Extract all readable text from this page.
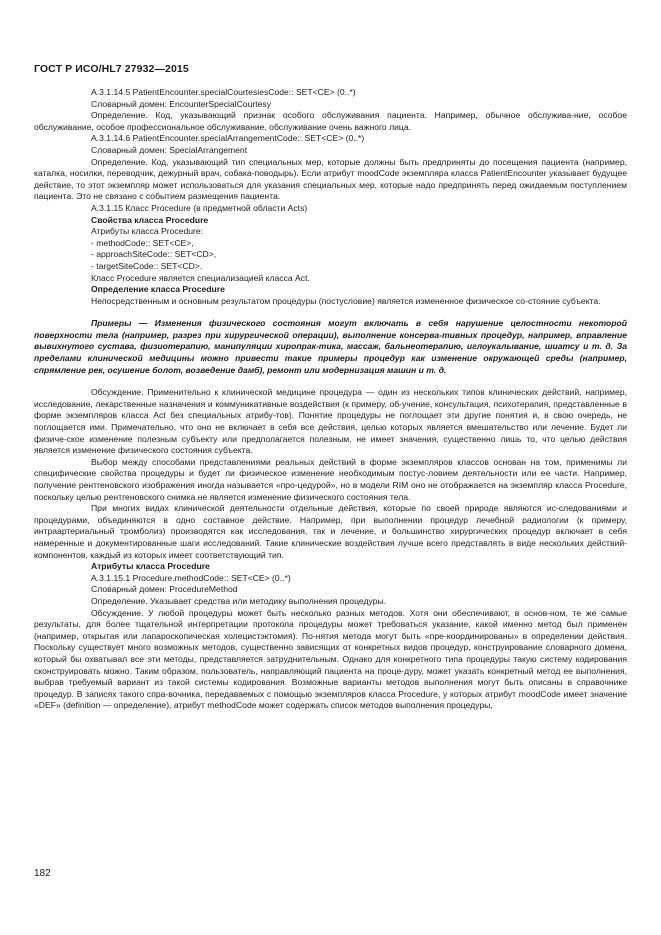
ГОСТ Р ИСО/HL7 27932—2015

A.3.1.14.5 PatientEncounter.specialCourtesiesCode:: SET<CE> (0..*)

Словарный домен: EncounterSpecialCourtesy

Определение. Код, указывающий признак особого обслуживания пациента. Например, обычное обслужива-ние, особое обслуживание, особое профессиональное обслуживание, обслуживание очень важного лица.

A.3.1.14.6 PatientEncounter.specialArrangementCode:: SET<CE> (0..*)

Словарный домен: SpecialArrangement

Определение. Код, указывающий тип специальных мер, которые должны быть предприняты до посещения пациента (например, каталка, носилки, переводчик, дежурный врач, собака-поводырь). Если атрибут moodCode экземпляра класса PatientEncounter указывает будущее действие, то этот экземпляр может использоваться для указания специальных мер, которые надо предпринять перед ожидаемым поступлением пациента. Это не связано с событием размещения пациента.

A.3.1.15 Класс Procedure (в предметной области Acts)

Свойства класса Procedure

Атрибуты класса Procedure:

- methodCode:: SET<CE>,

- approachSiteCode:: SET<CD>,

- targetSiteCode:: SET<CD>.

Класс Procedure является специализацией класса Act.

Определение класса Procedure

Непосредственным и основным результатом процедуры (постусловие) является измененное физическое со-стояние субъекта.

Примеры — Изменения физического состояния могут включать в себя нарушение целостности некоторой поверхности тела (например, разрез при хирургической операции), выполнение консерва-тивных процедур, например, вправление вывихнутого сустава, физиотерапию, манипуляции хиропрак-тика, массаж, бальнеотерапию, иглоукалывание, шиатсу и т. д. За пределами клинической медицины можно привести такие примеры процедур как изменение окружающей среды (например, спрямление рек, осушение болот, возведение дамб), ремонт или модернизация машин и т. д.

Обсуждение. Применительно к клинической медицине процедура — один из нескольких типов клинических действий, например, исследование, лекарственные назначения и коммуникативные воздействия (к примеру, об-учение, консультация, психотерапия, представленные в форме экземпляров класса Act без специальных атрибу-тов). Понятие процедуры не поглощает эти другие понятия и, в свою очередь, не поглощается ими. Примечательно, что оно не включает в себя все действия, целью которых является вмешательство или лечение. Будет ли физиче-ское изменение полезным субъекту или предполагается полезным, не имеет значения, существенно лишь то, что целью действия является изменение физического состояния субъекта.

Выбор между способами представлениями реальных действий в форме экземпляров классов основан на том, применимы ли специфические свойства процедуры и будет ли физическое изменение необходимым постус-ловием деятельности или ее части. Например, получение рентгеновского изображения иногда называется «про-цедурой», но в модели RIM оно не отображается на экземпляр класса Procedure, поскольку целью рентгеновского снимка не является изменение физического состояния тела.

При многих видах клинической деятельности отдельные действия, которые по своей природе являются ис-следованиями и процедурами, объединяются в одно составное действие. Например, при выполнении процедур лечебной радиологии (к примеру, интраартериальный тромболиз) производятся как исследования, так и лечение, и большинство хирургических процедур включает в себя намеренные и документированные шаги исследований. Такие клинические воздействия лучше всего представлять в виде нескольких действий-компонентов, каждый из которых имеет соответствующий тип.

Атрибуты класса Procedure

A.3.1.15.1 Procedure.methodCode:: SET<CE> (0..*)

Словарный домен: ProcedureMethod

Определение. Указывает средства или методику выполнения процедуры.

Обсуждение. У любой процедуры может быть несколько разных методов. Хотя они обеспечивают, в основ-ном, те же самые результаты, для более тщательной интерпретации протокола процедуры может требоваться указание, какой именно метод был применен (например, открытая или лапароскопическая холецистэктомия). По-нятия метода могут быть «пре-координированы» в определении действия. Поскольку существует много возможных методов, существенно зависящих от конкретных видов процедур, конструирование словарного домена, который бы охватывал все эти методы, представляется затруднительным. Однако для конкретного типа процедуры такую систему кодирования сконструировать можно. Таким образом, пользователь, направляющий пациента на проце-дуру, может указать конкретный метод ее выполнения, выбрав требуемый вариант из такой системы кодирования. Возможные варианты методов выполнения могут быть описаны в справочнике процедур. В записях такого спра-вочника, передаваемых с помощью экземпляров класса Procedure, у которых атрибут moodCode имеет значение «DEF» (definition — определение), атрибут methodCode может содержать список методов выполнения процедуры,

182
